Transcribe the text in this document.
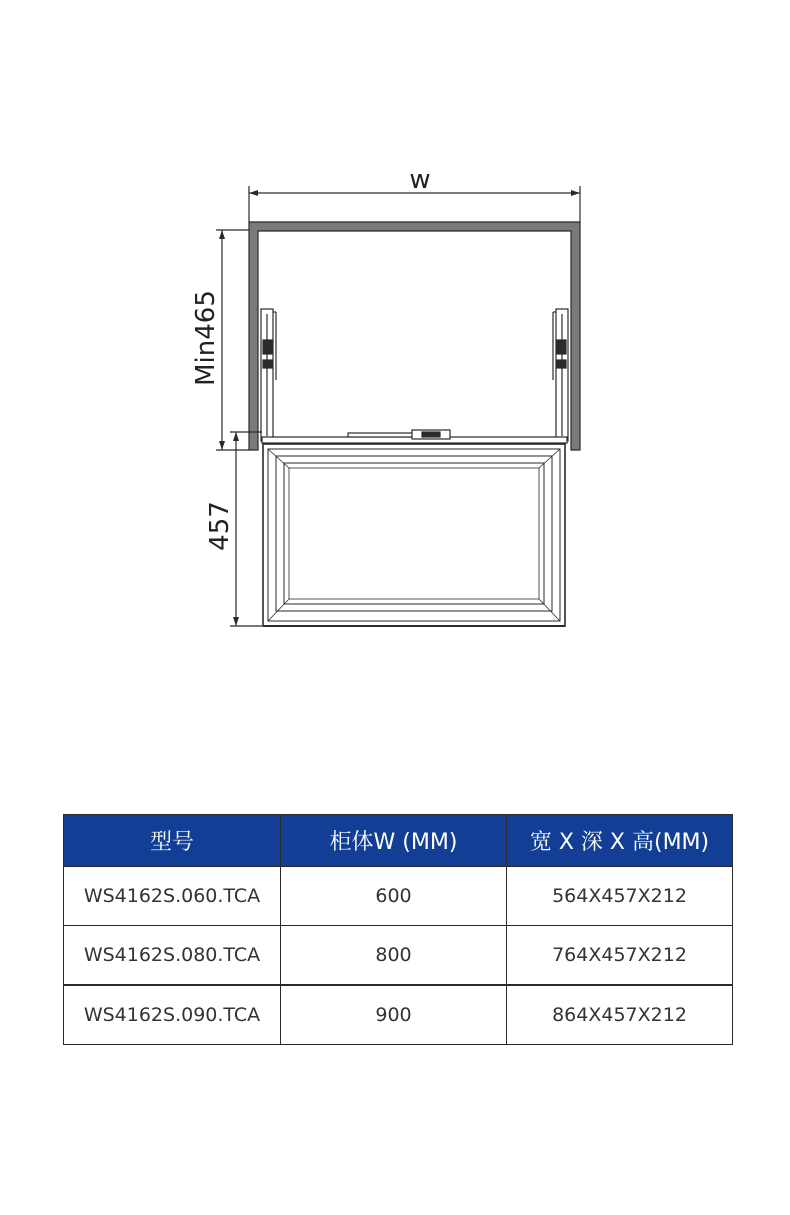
w
Min465
457
型号	柜体W (MM)	宽 X 深 X 高(MM)
WS4162S.060.TCA	600	564X457X212
WS4162S.080.TCA	800	764X457X212
WS4162S.090.TCA	900	864X457X212
